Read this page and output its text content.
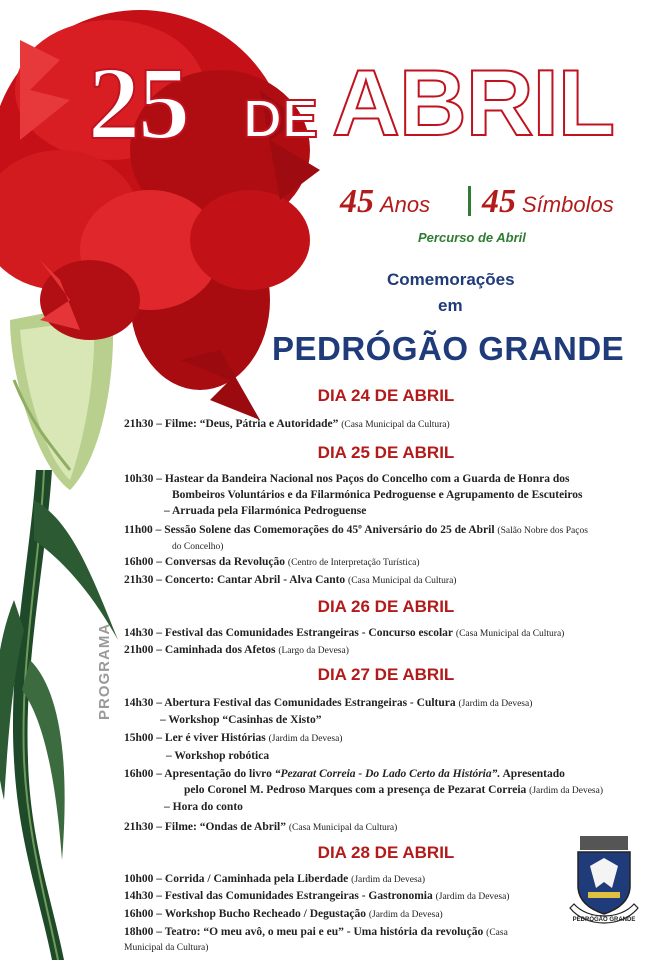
25 DE ABRIL
45 Anos 45 Símbolos
Percurso de Abril
Comemorações
em
PEDRÓGÃO GRANDE
PROGRAMA
DIA 24 DE ABRIL
21h30 – Filme: “Deus, Pátria e Autoridade” (Casa Municipal da Cultura)
DIA 25 DE ABRIL
10h30 – Hastear da Bandeira Nacional nos Paços do Concelho com a Guarda de Honra dos
Bombeiros Voluntários e da Filarmónica Pedroguense e Agrupamento de Escuteiros
– Arruada pela Filarmónica Pedroguense
11h00 – Sessão Solene das Comemorações do 45º Aniversário do 25 de Abril (Salão Nobre dos Paços
do Concelho)
16h00 – Conversas da Revolução (Centro de Interpretação Turística)
21h30 – Concerto: Cantar Abril - Alva Canto (Casa Municipal da Cultura)
DIA 26 DE ABRIL
14h30 – Festival das Comunidades Estrangeiras - Concurso escolar (Casa Municipal da Cultura)
21h00 – Caminhada dos Afetos (Largo da Devesa)
DIA 27 DE ABRIL
14h30 – Abertura Festival das Comunidades Estrangeiras - Cultura (Jardim da Devesa)
– Workshop “Casinhas de Xisto”
15h00 – Ler é viver Histórias (Jardim da Devesa)
– Workshop robótica
16h00 – Apresentação do livro “Pezarat Correia - Do Lado Certo da História”. Apresentado
pelo Coronel M. Pedroso Marques com a presença de Pezarat Correia (Jardim da Devesa)
– Hora do conto
21h30 – Filme: “Ondas de Abril” (Casa Municipal da Cultura)
DIA 28 DE ABRIL
10h00 – Corrida / Caminhada pela Liberdade (Jardim da Devesa)
14h30 – Festival das Comunidades Estrangeiras - Gastronomia (Jardim da Devesa)
16h00 – Workshop Bucho Recheado / Degustação (Jardim da Devesa)
18h00 – Teatro: “O meu avô, o meu pai e eu” - Uma história da revolução (Casa
Municipal da Cultura)
PEDRÓGÃO GRANDE
